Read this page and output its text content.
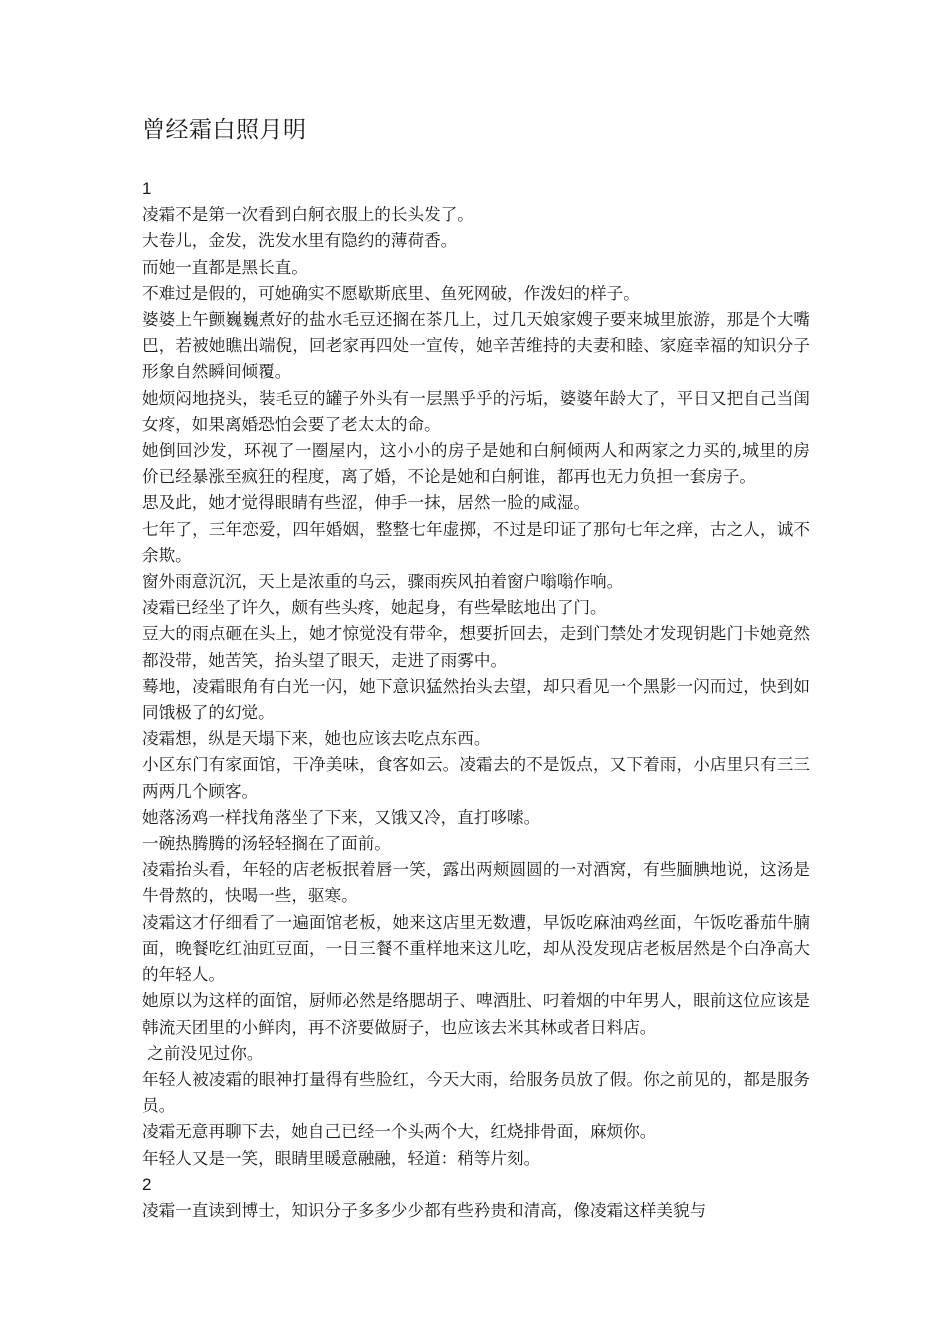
曾经霜白照月明

1

凌霜不是第一次看到白舸衣服上的长头发了。

大卷儿，金发，洗发水里有隐约的薄荷香。

而她一直都是黑长直。

不难过是假的，可她确实不愿歇斯底里、鱼死网破，作泼妇的样子。

婆婆上午颤巍巍煮好的盐水毛豆还搁在茶几上，过几天娘家嫂子要来城里旅游，那是个大嘴巴，若被她瞧出端倪，回老家再四处一宣传，她辛苦维持的夫妻和睦、家庭幸福的知识分子形象自然瞬间倾覆。

她烦闷地挠头，装毛豆的罐子外头有一层黑乎乎的污垢，婆婆年龄大了，平日又把自己当闺女疼，如果离婚恐怕会要了老太太的命。

她倒回沙发，环视了一圈屋内，这小小的房子是她和白舸倾两人和两家之力买的,城里的房价已经暴涨至疯狂的程度，离了婚，不论是她和白舸谁，都再也无力负担一套房子。

思及此，她才觉得眼睛有些涩，伸手一抹，居然一脸的咸湿。

七年了，三年恋爱，四年婚姻，整整七年虚掷，不过是印证了那句七年之痒，古之人，诚不余欺。

窗外雨意沉沉，天上是浓重的乌云，骤雨疾风拍着窗户嗡嗡作响。

凌霜已经坐了许久，颇有些头疼，她起身，有些晕眩地出了门。

豆大的雨点砸在头上，她才惊觉没有带伞，想要折回去，走到门禁处才发现钥匙门卡她竟然都没带，她苦笑，抬头望了眼天，走进了雨雾中。

蓦地，凌霜眼角有白光一闪，她下意识猛然抬头去望，却只看见一个黑影一闪而过，快到如同饿极了的幻觉。

凌霜想，纵是天塌下来，她也应该去吃点东西。

小区东门有家面馆，干净美味，食客如云。凌霜去的不是饭点，又下着雨，小店里只有三三两两几个顾客。

她落汤鸡一样找角落坐了下来，又饿又冷，直打哆嗦。

一碗热腾腾的汤轻轻搁在了面前。

凌霜抬头看，年轻的店老板抿着唇一笑，露出两颊圆圆的一对酒窝，有些腼腆地说，这汤是牛骨熬的，快喝一些，驱寒。

凌霜这才仔细看了一遍面馆老板，她来这店里无数遭，早饭吃麻油鸡丝面，午饭吃番茄牛腩面，晚餐吃红油豇豆面，一日三餐不重样地来这儿吃，却从没发现店老板居然是个白净高大的年轻人。

她原以为这样的面馆，厨师必然是络腮胡子、啤酒肚、叼着烟的中年男人，眼前这位应该是韩流天团里的小鲜肉，再不济要做厨子，也应该去米其林或者日料店。

之前没见过你。

年轻人被凌霜的眼神打量得有些脸红，今天大雨，给服务员放了假。你之前见的，都是服务员。

凌霜无意再聊下去，她自己已经一个头两个大，红烧排骨面，麻烦你。

年轻人又是一笑，眼睛里暖意融融，轻道：稍等片刻。

2

凌霜一直读到博士，知识分子多多少少都有些矜贵和清高，像凌霜这样美貌与
